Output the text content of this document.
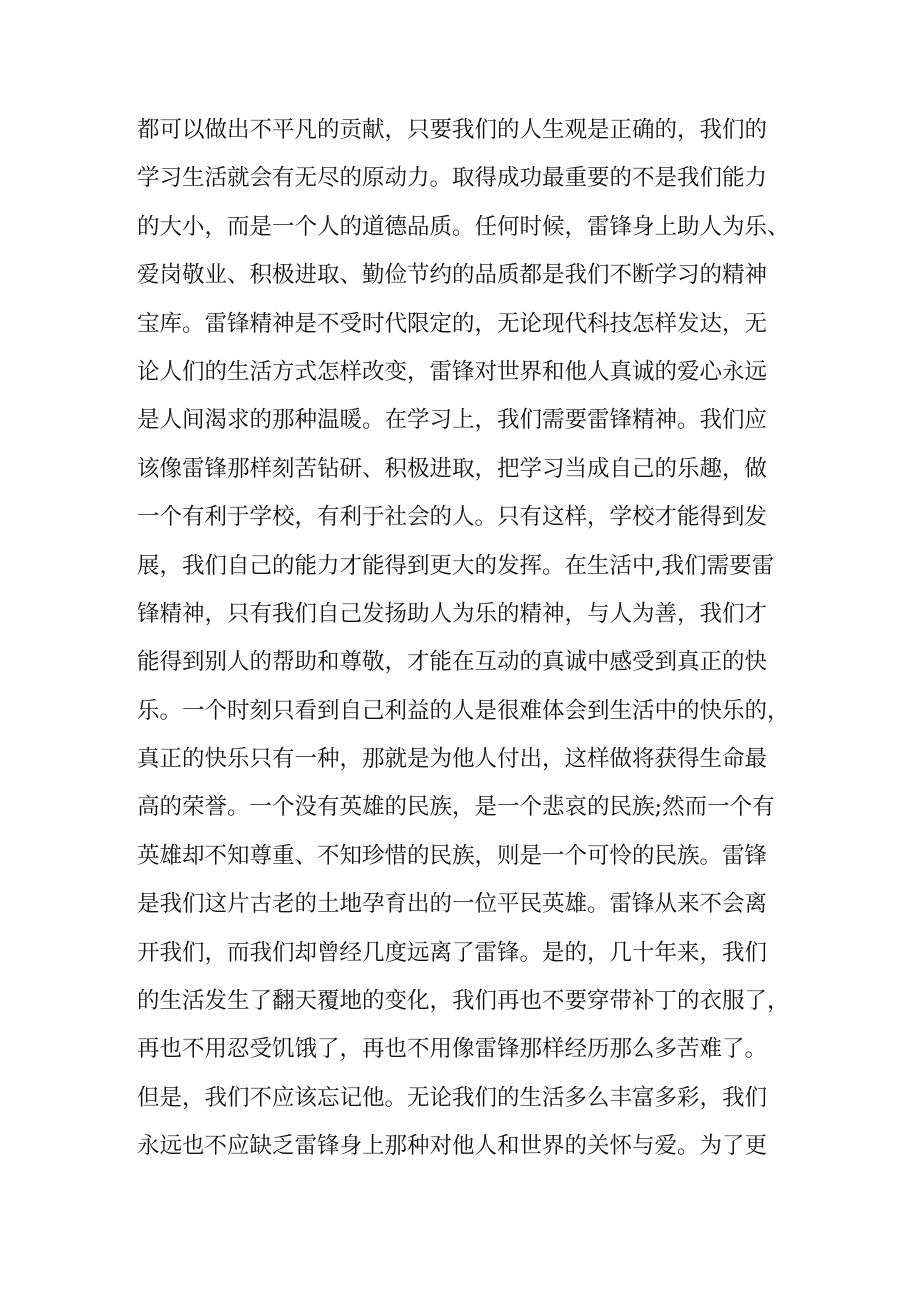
都可以做出不平凡的贡献，只要我们的人生观是正确的，我们的
学习生活就会有无尽的原动力。取得成功最重要的不是我们能力
的大小，而是一个人的道德品质。任何时候，雷锋身上助人为乐、
爱岗敬业、积极进取、勤俭节约的品质都是我们不断学习的精神
宝库。雷锋精神是不受时代限定的，无论现代科技怎样发达，无
论人们的生活方式怎样改变，雷锋对世界和他人真诚的爱心永远
是人间渴求的那种温暖。在学习上，我们需要雷锋精神。我们应
该像雷锋那样刻苦钻研、积极进取，把学习当成自己的乐趣，做
一个有利于学校，有利于社会的人。只有这样，学校才能得到发
展，我们自己的能力才能得到更大的发挥。在生活中,我们需要雷
锋精神，只有我们自己发扬助人为乐的精神，与人为善，我们才
能得到别人的帮助和尊敬，才能在互动的真诚中感受到真正的快
乐。一个时刻只看到自己利益的人是很难体会到生活中的快乐的，
真正的快乐只有一种，那就是为他人付出，这样做将获得生命最
高的荣誉。一个没有英雄的民族，是一个悲哀的民族;然而一个有
英雄却不知尊重、不知珍惜的民族，则是一个可怜的民族。雷锋
是我们这片古老的土地孕育出的一位平民英雄。雷锋从来不会离
开我们，而我们却曾经几度远离了雷锋。是的，几十年来，我们
的生活发生了翻天覆地的变化，我们再也不要穿带补丁的衣服了，
再也不用忍受饥饿了，再也不用像雷锋那样经历那么多苦难了。
但是，我们不应该忘记他。无论我们的生活多么丰富多彩，我们
永远也不应缺乏雷锋身上那种对他人和世界的关怀与爱。为了更
